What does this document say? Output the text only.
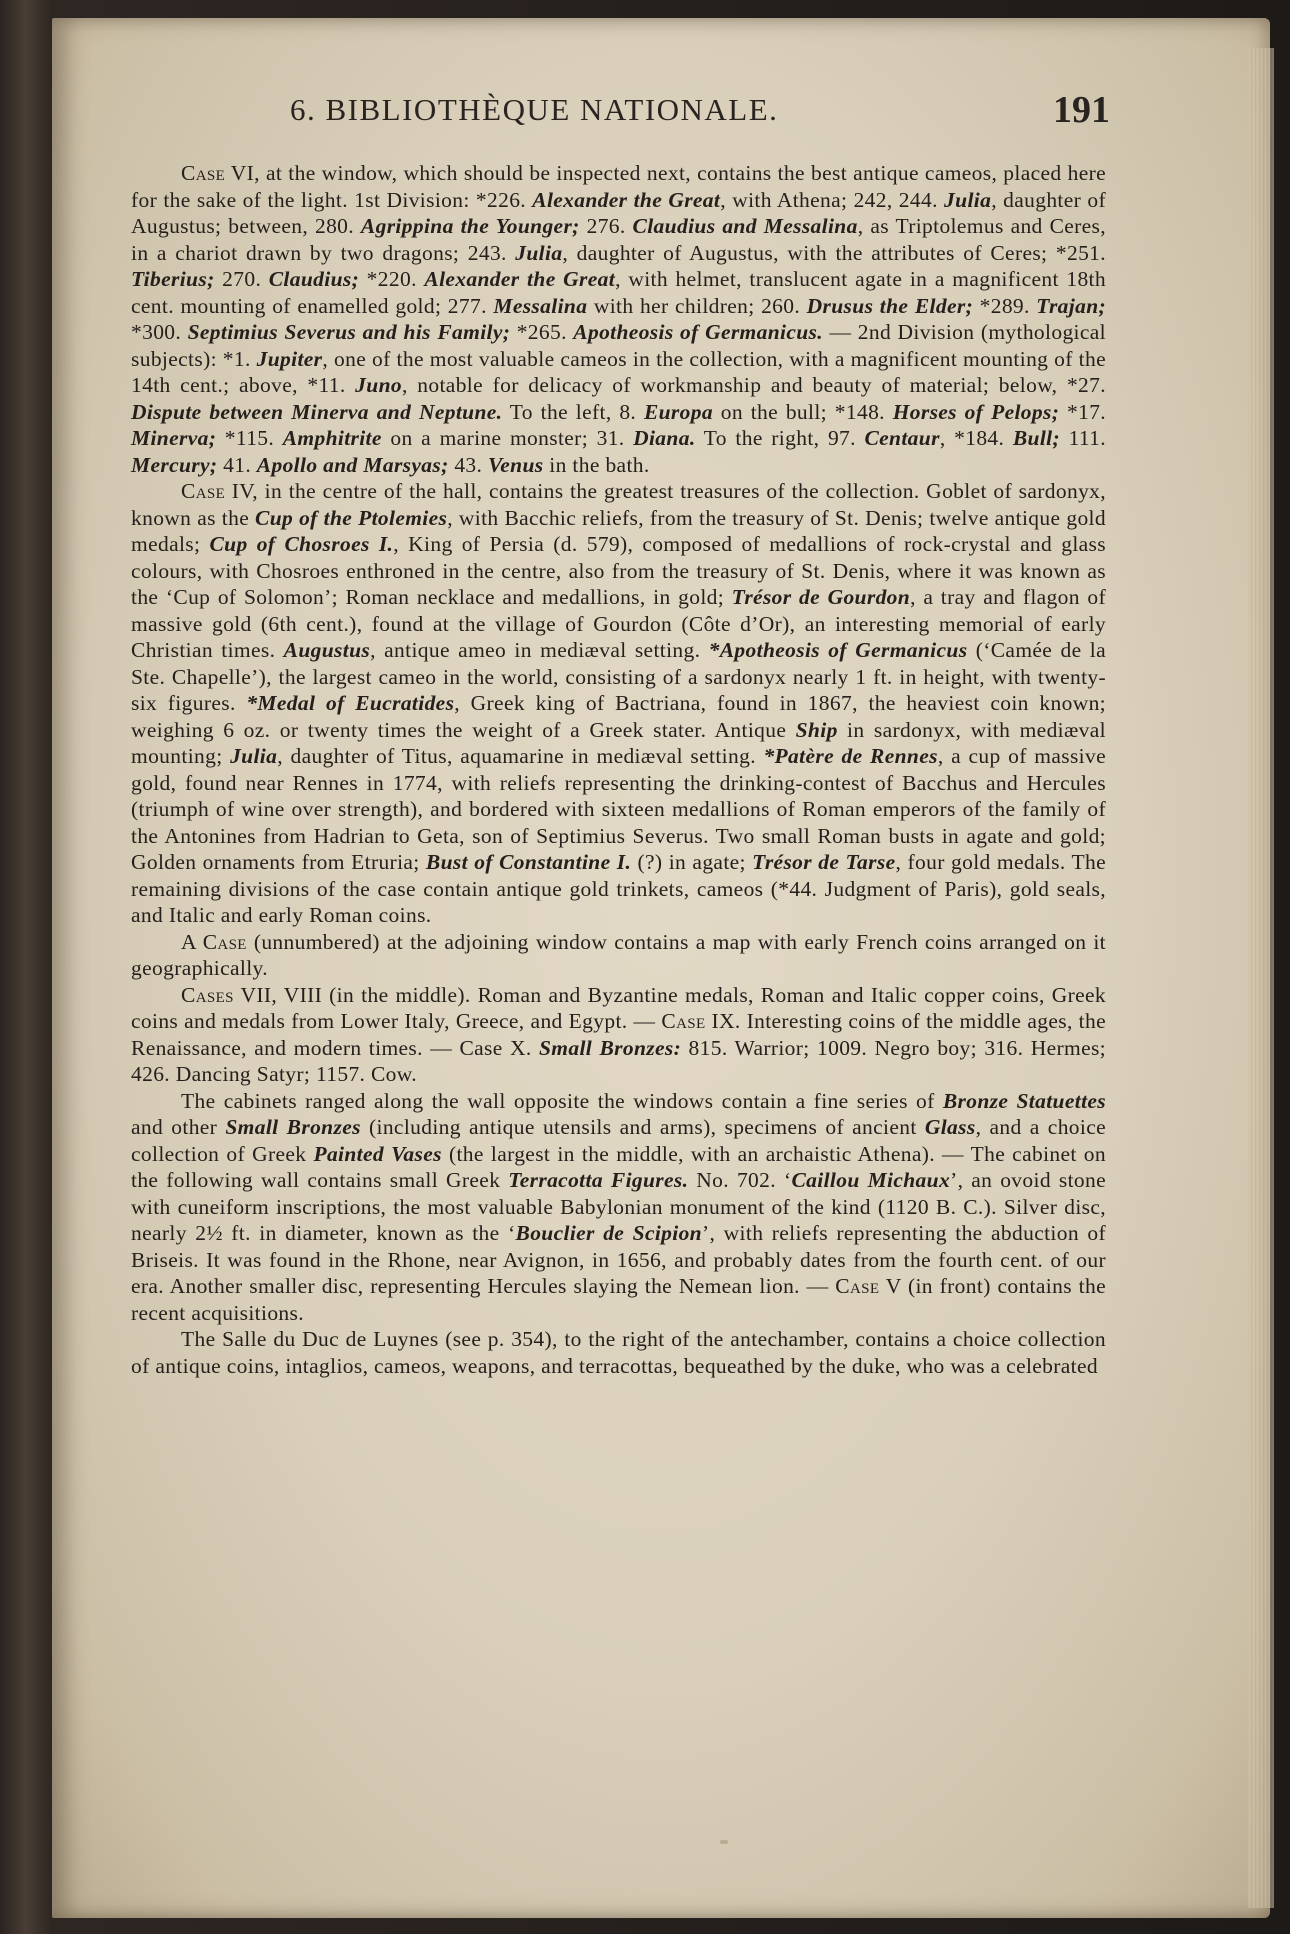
6. BIBLIOTHÈQUE NATIONALE.	191

Case VI, at the window, which should be inspected next, contains the best antique cameos, placed here for the sake of the light. 1st Division: *226. Alexander the Great, with Athena; 242, 244. Julia, daughter of Augustus; between, 280. Agrippina the Younger; 276. Claudius and Messalina, as Triptolemus and Ceres, in a chariot drawn by two dragons; 243. Julia, daughter of Augustus, with the attributes of Ceres; *251. Tiberius; 270. Claudius; *220. Alexander the Great, with helmet, translucent agate in a magnificent 18th cent. mounting of enamelled gold; 277. Messalina with her children; 260. Drusus the Elder; *289. Trajan; *300. Septimius Severus and his Family; *265. Apotheosis of Germanicus. — 2nd Division (mythological subjects): *1. Jupiter, one of the most valuable cameos in the collection, with a magnificent mounting of the 14th cent.; above, *11. Juno, notable for delicacy of workmanship and beauty of material; below, *27. Dispute between Minerva and Neptune. To the left, 8. Europa on the bull; *148. Horses of Pelops; *17. Minerva; *115. Amphitrite on a marine monster; 31. Diana. To the right, 97. Centaur, *184. Bull; 111. Mercury; 41. Apollo and Marsyas; 43. Venus in the bath.

Case IV, in the centre of the hall, contains the greatest treasures of the collection. Goblet of sardonyx, known as the Cup of the Ptolemies, with Bacchic reliefs, from the treasury of St. Denis; twelve antique gold medals; Cup of Chosroes I., King of Persia (d. 579), composed of medallions of rock-crystal and glass colours, with Chosroes enthroned in the centre, also from the treasury of St. Denis, where it was known as the ‘Cup of Solomon’; Roman necklace and medallions, in gold; Trésor de Gourdon, a tray and flagon of massive gold (6th cent.), found at the village of Gourdon (Côte d’Or), an interesting memorial of early Christian times. Augustus, antique ameo in mediæval setting. *Apotheosis of Germanicus (‘Camée de la Ste. Chapelle’), the largest cameo in the world, consisting of a sardonyx nearly 1 ft. in height, with twenty-six figures. *Medal of Eucratides, Greek king of Bactriana, found in 1867, the heaviest coin known; weighing 6 oz. or twenty times the weight of a Greek stater. Antique Ship in sardonyx, with mediæval mounting; Julia, daughter of Titus, aquamarine in mediæval setting. *Patère de Rennes, a cup of massive gold, found near Rennes in 1774, with reliefs representing the drinking-contest of Bacchus and Hercules (triumph of wine over strength), and bordered with sixteen medallions of Roman emperors of the family of the Antonines from Hadrian to Geta, son of Septimius Severus. Two small Roman busts in agate and gold; Golden ornaments from Etruria; Bust of Constantine I. (?) in agate; Trésor de Tarse, four gold medals. The remaining divisions of the case contain antique gold trinkets, cameos (*44. Judgment of Paris), gold seals, and Italic and early Roman coins.

A Case (unnumbered) at the adjoining window contains a map with early French coins arranged on it geographically.

Cases VII, VIII (in the middle). Roman and Byzantine medals, Roman and Italic copper coins, Greek coins and medals from Lower Italy, Greece, and Egypt. — Case IX. Interesting coins of the middle ages, the Renaissance, and modern times. — Case X. Small Bronzes: 815. Warrior; 1009. Negro boy; 316. Hermes; 426. Dancing Satyr; 1157. Cow.

The cabinets ranged along the wall opposite the windows contain a fine series of Bronze Statuettes and other Small Bronzes (including antique utensils and arms), specimens of ancient Glass, and a choice collection of Greek Painted Vases (the largest in the middle, with an archaistic Athena). — The cabinet on the following wall contains small Greek Terracotta Figures. No. 702. ‘Caillou Michaux’, an ovoid stone with cuneiform inscriptions, the most valuable Babylonian monument of the kind (1120 B. C.). Silver disc, nearly 2½ ft. in diameter, known as the ‘Bouclier de Scipion’, with reliefs representing the abduction of Briseis. It was found in the Rhone, near Avignon, in 1656, and probably dates from the fourth cent. of our era. Another smaller disc, representing Hercules slaying the Nemean lion. — Case V (in front) contains the recent acquisitions.

The Salle du Duc de Luynes (see p. 354), to the right of the antechamber, contains a choice collection of antique coins, intaglios, cameos, weapons, and terracottas, bequeathed by the duke, who was a celebrated
